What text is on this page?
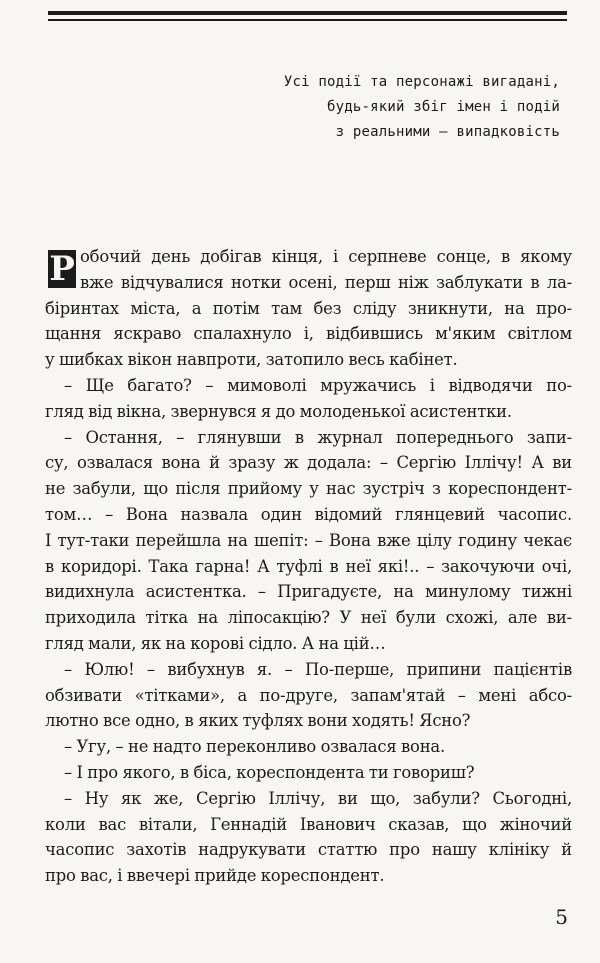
Усі події та персонажі вигадані,
будь-який збіг імен і подій
з реальними – випадковість
Р обочий день добігав кінця, і серпневе сонце, в якому
вже відчувалися нотки осені, перш ніж заблукати в ла-
біринтах міста, а потім там без сліду зникнути, на про-
щання яскраво спалахнуло і, відбившись м'яким світлом
у шибках вікон навпроти, затопило весь кабінет.
– Ще багато? – мимоволі мружачись і відводячи по-
гляд від вікна, звернувся я до молоденької асистентки.
– Остання, – глянувши в журнал попереднього запи-
су, озвалася вона й зразу ж додала: – Сергію Іллічу! А ви
не забули, що після прийому у нас зустріч з кореспондент-
том… – Вона назвала один відомий глянцевий часопис.
І тут-таки перейшла на шепіт: – Вона вже цілу годину чекає
в коридорі. Така гарна! А туфлі в неї які!.. – закочуючи очі,
видихнула асистентка. – Пригадуєте, на минулому тижні
приходила тітка на ліпосакцію? У неї були схожі, але ви-
гляд мали, як на корові сідло. А на цій…
– Юлю! – вибухнув я. – По-перше, припини пацієнтів
обзивати «тітками», а по-друге, запам'ятай – мені абсо-
лютно все одно, в яких туфлях вони ходять! Ясно?
– Угу, – не надто переконливо озвалася вона.
– І про якого, в біса, кореспондента ти говориш?
– Ну як же, Сергію Іллічу, ви що, забули? Сьогодні,
коли вас вітали, Геннадій Іванович сказав, що жіночий
часопис захотів надрукувати статтю про нашу клініку й
про вас, і ввечері прийде кореспондент.
5
